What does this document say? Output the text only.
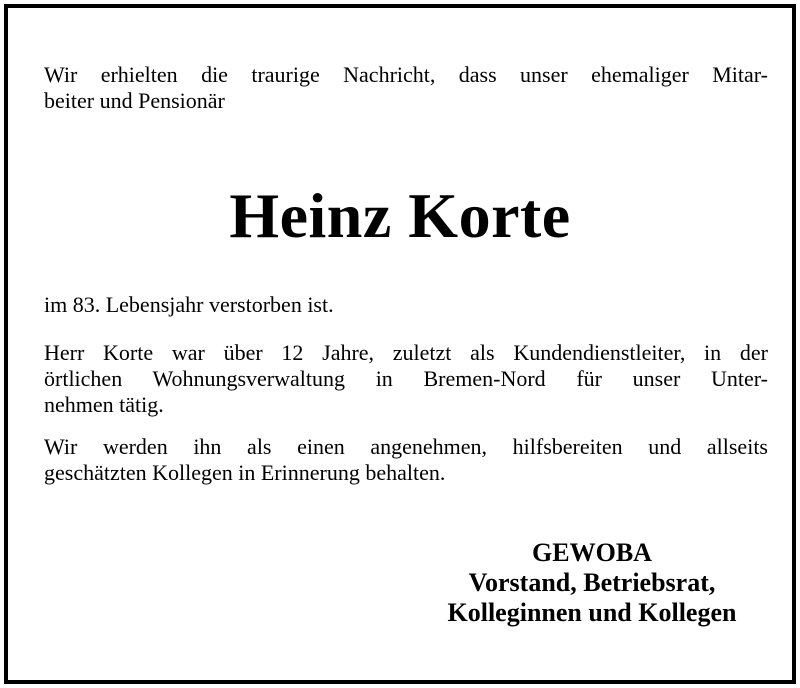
Wir erhielten die traurige Nachricht, dass unser ehemaliger Mitar-
beiter und Pensionär

Heinz Korte

im 83. Lebensjahr verstorben ist.

Herr Korte war über 12 Jahre, zuletzt als Kundendienstleiter, in der
örtlichen Wohnungsverwaltung in Bremen-Nord für unser Unter-
nehmen tätig.

Wir werden ihn als einen angenehmen, hilfsbereiten und allseits
geschätzten Kollegen in Erinnerung behalten.

GEWOBA
Vorstand, Betriebsrat,
Kolleginnen und Kollegen
